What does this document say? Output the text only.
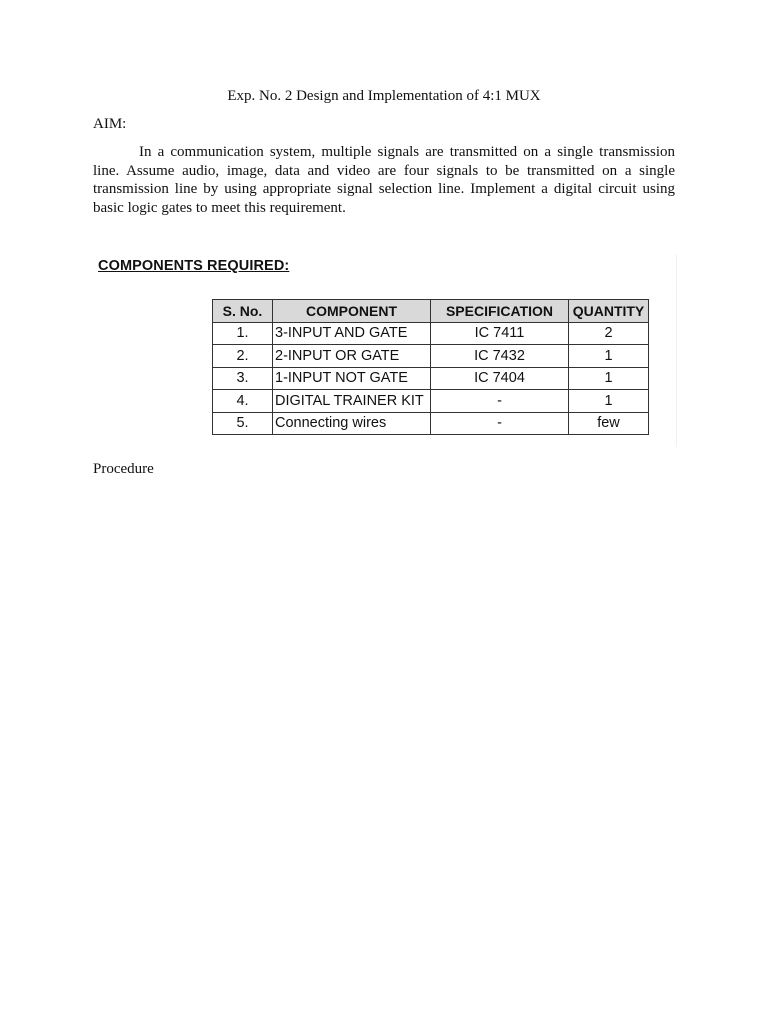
Exp. No. 2 Design and Implementation of 4:1 MUX
AIM:

In a communication system, multiple signals are transmitted on a single transmission line. Assume audio, image, data and video are four signals to be transmitted on a single transmission line by using appropriate signal selection line. Implement a digital circuit using basic logic gates to meet this requirement.

COMPONENTS REQUIRED:
S. No.	COMPONENT	SPECIFICATION	QUANTITY
1.	3-INPUT AND GATE	IC 7411	2
2.	2-INPUT OR GATE	IC 7432	1
3.	1-INPUT NOT GATE	IC 7404	1
4.	DIGITAL TRAINER KIT	-	1
5.	Connecting wires	-	few
Procedure
